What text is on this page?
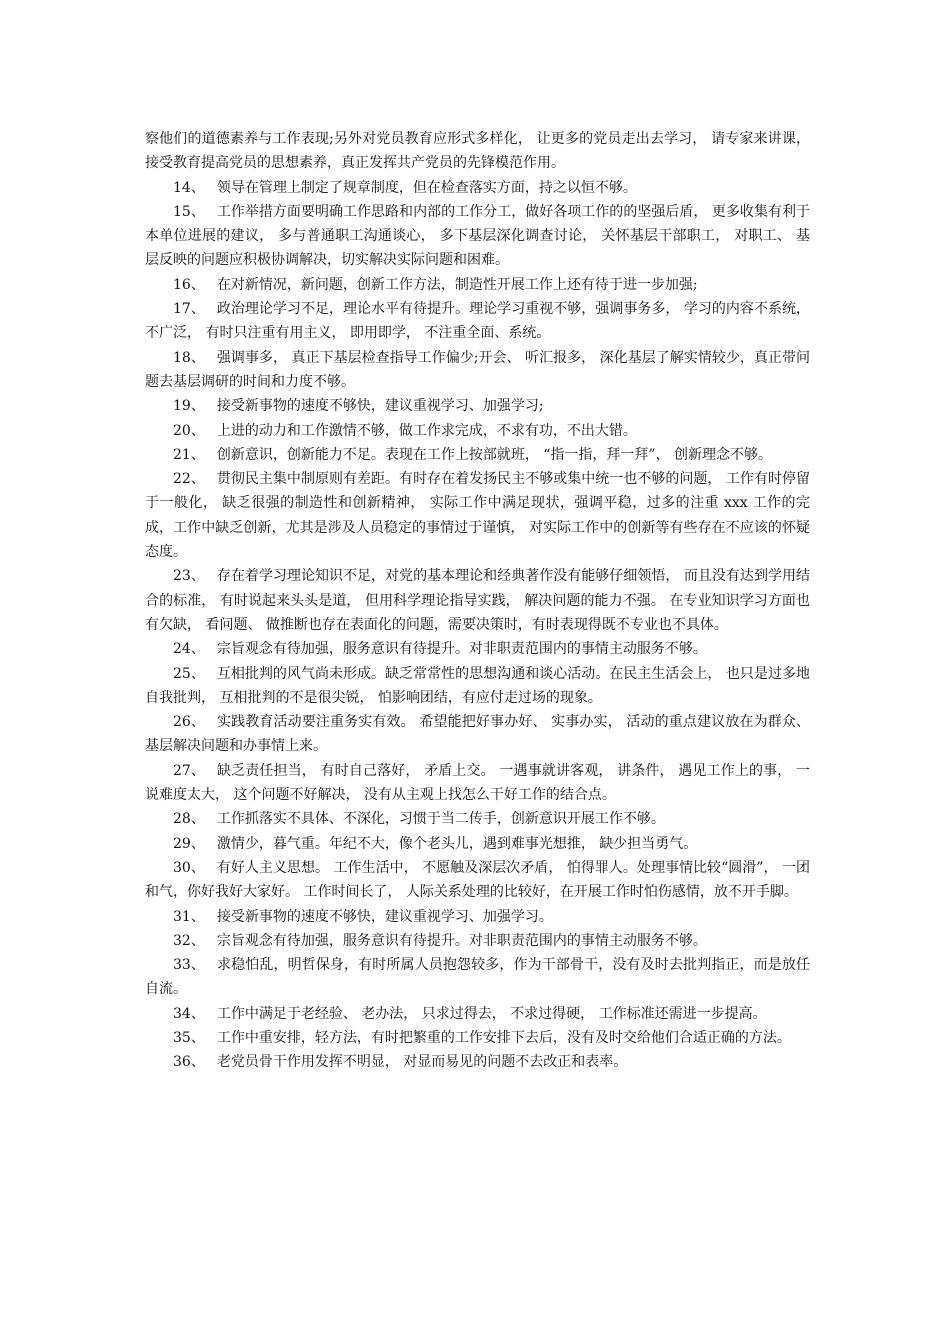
察他们的道德素养与工作表现;另外对党员教育应形式多样化， 让更多的党员走出去学习， 请专家来讲课， 接受教育提高党员的思想素养，真正发挥共产党员的先锋模范作用。

14、 领导在管理上制定了规章制度，但在检查落实方面，持之以恒不够。

15、 工作举措方面要明确工作思路和内部的工作分工，做好各项工作的的坚强后盾， 更多收集有利于本单位进展的建议， 多与普通职工沟通谈心， 多下基层深化调查讨论， 关怀基层干部职工， 对职工、 基层反映的问题应积极协调解决，切实解决实际问题和困难。

16、 在对新情况，新问题，创新工作方法，制造性开展工作上还有待于进一步加强;

17、 政治理论学习不足，理论水平有待提升。理论学习重视不够，强调事务多， 学习的内容不系统， 不广泛， 有时只注重有用主义， 即用即学， 不注重全面、系统。

18、 强调事多， 真正下基层检查指导工作偏少;开会、 听汇报多， 深化基层了解实情较少，真正带问题去基层调研的时间和力度不够。

19、 接受新事物的速度不够快，建议重视学习、加强学习;

20、 上进的动力和工作激情不够，做工作求完成，不求有功，不出大错。

21、 创新意识，创新能力不足。表现在工作上按部就班， “指一指，拜一拜”， 创新理念不够。

22、 贯彻民主集中制原则有差距。有时存在着发扬民主不够或集中统一也不够的问题， 工作有时停留于一般化， 缺乏很强的制造性和创新精神， 实际工作中满足现状，强调平稳，过多的注重 xxx 工作的完成，工作中缺乏创新，尤其是涉及人员稳定的事情过于谨慎， 对实际工作中的创新等有些存在不应该的怀疑态度。

23、 存在着学习理论知识不足，对党的基本理论和经典著作没有能够仔细领悟， 而且没有达到学用结合的标准， 有时说起来头头是道， 但用科学理论指导实践， 解决问题的能力不强。 在专业知识学习方面也有欠缺， 看问题、 做推断也存在表面化的问题，需要决策时，有时表现得既不专业也不具体。

24、 宗旨观念有待加强，服务意识有待提升。对非职责范围内的事情主动服务不够。

25、 互相批判的风气尚未形成。缺乏常常性的思想沟通和谈心活动。在民主生活会上， 也只是过多地自我批判， 互相批判的不是很尖锐， 怕影响团结，有应付走过场的现象。

26、 实践教育活动要注重务实有效。 希望能把好事办好、 实事办实， 活动的重点建议放在为群众、基层解决问题和办事情上来。

27、 缺乏责任担当， 有时自己落好， 矛盾上交。 一遇事就讲客观， 讲条件， 遇见工作上的事， 一说难度太大， 这个问题不好解决， 没有从主观上找怎么干好工作的结合点。

28、 工作抓落实不具体、不深化，习惯于当二传手，创新意识开展工作不够。

29、 激情少，暮气重。年纪不大，像个老头儿，遇到难事光想推， 缺少担当勇气。

30、 有好人主义思想。 工作生活中， 不愿触及深层次矛盾， 怕得罪人。处理事情比较“圆滑”， 一团和气，你好我好大家好。 工作时间长了， 人际关系处理的比较好，在开展工作时怕伤感情，放不开手脚。

31、 接受新事物的速度不够快，建议重视学习、加强学习。

32、 宗旨观念有待加强，服务意识有待提升。对非职责范围内的事情主动服务不够。

33、 求稳怕乱，明哲保身，有时所属人员抱怨较多，作为干部骨干，没有及时去批判指正，而是放任自流。

34、 工作中满足于老经验、 老办法， 只求过得去， 不求过得硬， 工作标准还需进一步提高。

35、 工作中重安排，轻方法，有时把繁重的工作安排下去后，没有及时交给他们合适正确的方法。

36、 老党员骨干作用发挥不明显， 对显而易见的问题不去改正和表率。
